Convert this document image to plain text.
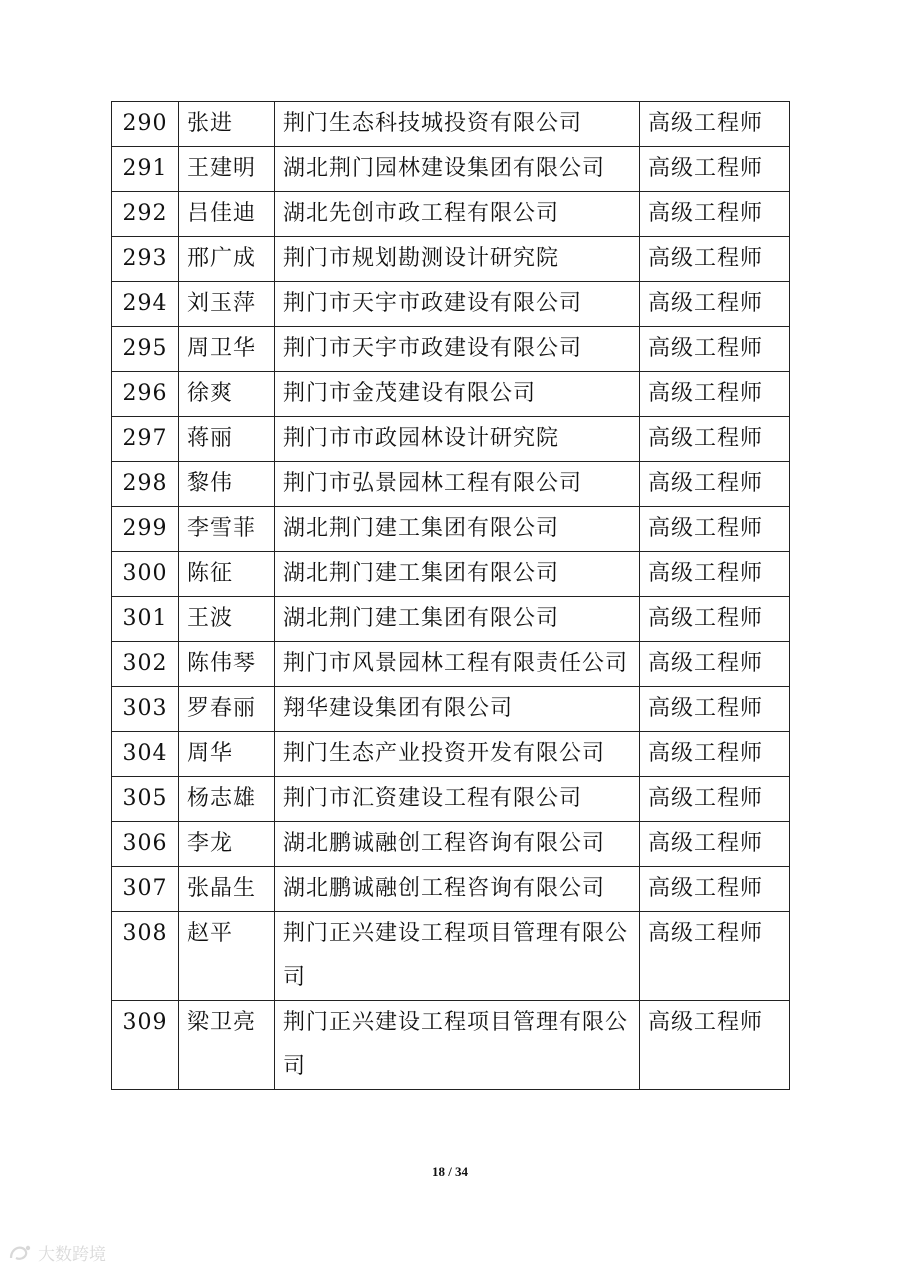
290	张进	荆门生态科技城投资有限公司	高级工程师
291	王建明	湖北荆门园林建设集团有限公司	高级工程师
292	吕佳迪	湖北先创市政工程有限公司	高级工程师
293	邢广成	荆门市规划勘测设计研究院	高级工程师
294	刘玉萍	荆门市天宇市政建设有限公司	高级工程师
295	周卫华	荆门市天宇市政建设有限公司	高级工程师
296	徐爽	荆门市金茂建设有限公司	高级工程师
297	蒋丽	荆门市市政园林设计研究院	高级工程师
298	黎伟	荆门市弘景园林工程有限公司	高级工程师
299	李雪菲	湖北荆门建工集团有限公司	高级工程师
300	陈征	湖北荆门建工集团有限公司	高级工程师
301	王波	湖北荆门建工集团有限公司	高级工程师
302	陈伟琴	荆门市风景园林工程有限责任公司	高级工程师
303	罗春丽	翔华建设集团有限公司	高级工程师
304	周华	荆门生态产业投资开发有限公司	高级工程师
305	杨志雄	荆门市汇资建设工程有限公司	高级工程师
306	李龙	湖北鹏诚融创工程咨询有限公司	高级工程师
307	张晶生	湖北鹏诚融创工程咨询有限公司	高级工程师
308	赵平	荆门正兴建设工程项目管理有限公司	高级工程师
309	梁卫亮	荆门正兴建设工程项目管理有限公司	高级工程师
18 / 34
大数跨境
